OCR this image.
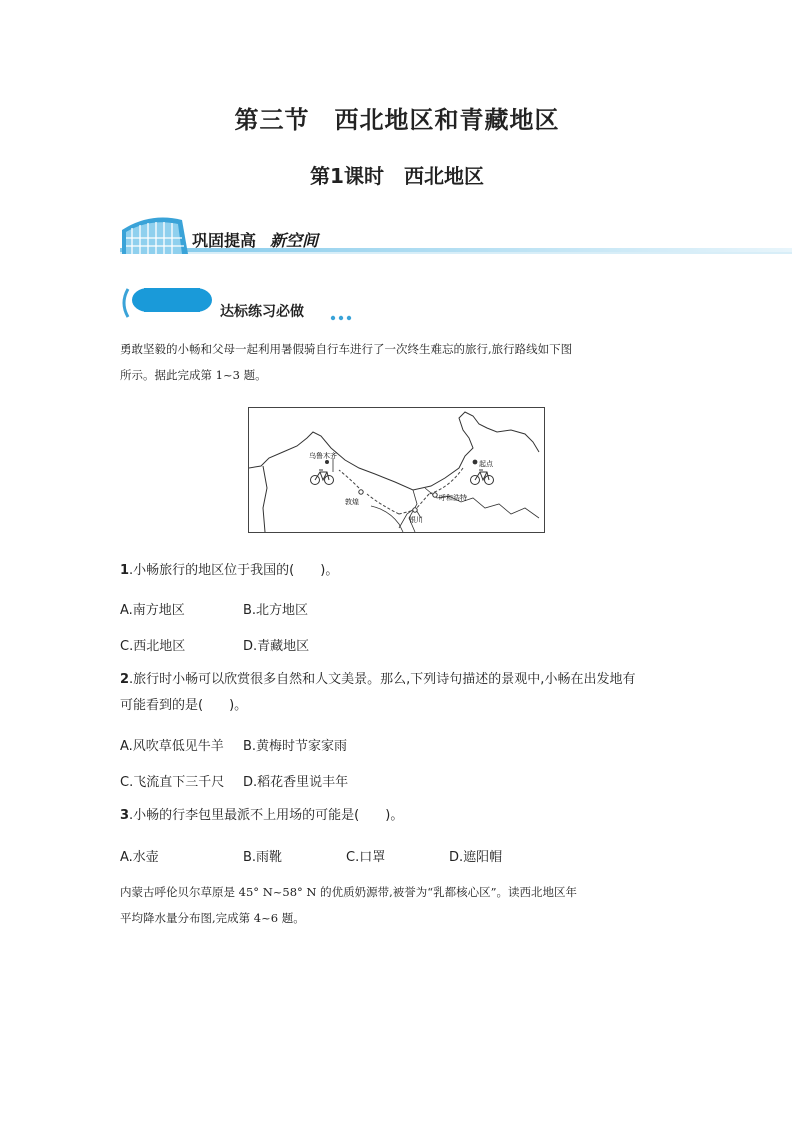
第三节　西北地区和青藏地区
第1课时　西北地区
巩固提高 新空间
达标练习必做
勇敢坚毅的小畅和父母一起利用暑假骑自行车进行了一次终生难忘的旅行,旅行路线如下图
所示。据此完成第 1~3 题。
乌鲁木齐
起点
敦煌	呼和浩特
银川
1.小畅旅行的地区位于我国的(　　)。
A.南方地区	B.北方地区
C.西北地区	D.青藏地区
2.旅行时小畅可以欣赏很多自然和人文美景。那么,下列诗句描述的景观中,小畅在出发地有
可能看到的是(　　)。
A.风吹草低见牛羊 B.黄梅时节家家雨
C.飞流直下三千尺 D.稻花香里说丰年
3.小畅的行李包里最派不上用场的可能是(　　)。
A.水壶	B.雨靴	C.口罩	D.遮阳帽
内蒙古呼伦贝尔草原是 45° N~58° N 的优质奶源带,被誉为“乳都核心区”。读西北地区年
平均降水量分布图,完成第 4~6 题。
